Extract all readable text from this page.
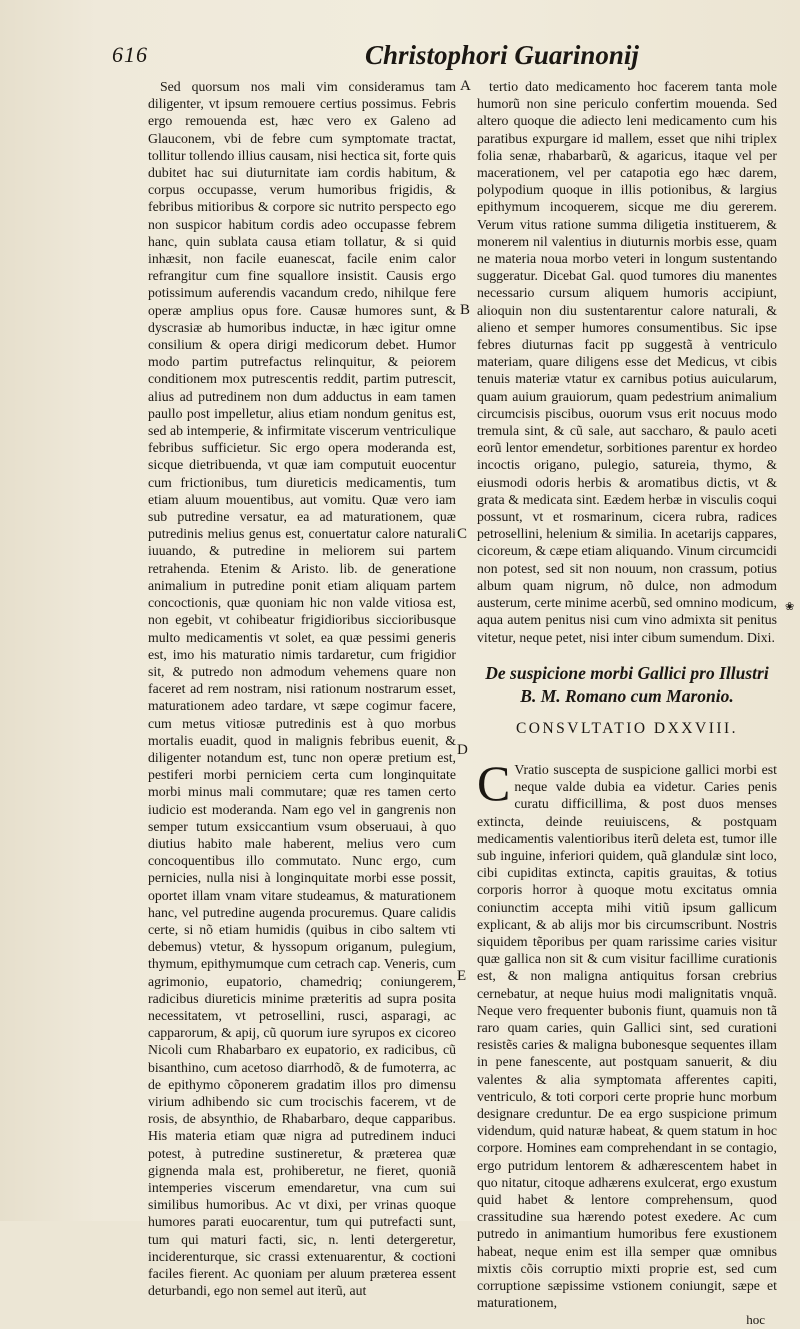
616	Christophori Guarinonij

Sed quorsum nos mali vim consideramus tam diligenter, vt ipsum remouere certius possimus. Febris ergo remouenda est, hæc vero ex Galeno ad Glauconem, vbi de febre cum symptomate tractat, tollitur tollendo illius causam, nisi hectica sit, forte quis dubitet hac sui diuturnitate iam cordis habitum, & corpus occupasse, verum humoribus frigidis, & febribus mitioribus & corpore sic nutrito perspecto ego non suspicor habitum cordis adeo occupasse febrem hanc, quin sublata causa etiam tollatur, & si quid inhæsit, non facile euanescat, facile enim calor refrangitur cum fine squallore insistit. Causis ergo potissimum auferendis vacandum credo, nihilque fere operæ amplius opus fore. Causæ humores sunt, & dyscrasiæ ab humoribus inductæ, in hæc igitur omne consilium & opera dirigi medicorum debet. Humor modo partim putrefactus relinquitur, & peiorem conditionem mox putrescentis reddit, partim putrescit, alius ad putredinem non dum adductus in eam tamen paullo post impelletur, alius etiam nondum genitus est, sed ab intemperie, & infirmitate viscerum ventriculique febribus sufficietur. Sic ergo opera moderanda est, sicque dietribuenda, vt quæ iam computuit euocentur cum frictionibus, tum diureticis medicamentis, tum etiam aluum mouentibus, aut vomitu. Quæ vero iam sub putredine versatur, ea ad maturationem, quæ putredinis melius genus est, conuertatur calore naturali iuuando, & putredine in meliorem sui partem retrahenda. Etenim & Aristo. lib. de generatione animalium in putredine ponit etiam aliquam partem concoctionis, quæ quoniam hic non valde vitiosa est, non egebit, vt cohibeatur frigidioribus siccioribusque multo medicamentis vt solet, ea quæ pessimi generis est, imo his maturatio nimis tardaretur, cum frigidior sit, & putredo non admodum vehemens quare non faceret ad rem nostram, nisi rationum nostrarum esset, maturationem adeo tardare, vt sæpe cogimur facere, cum metus vitiosæ putredinis est à quo morbus mortalis euadit, quod in malignis febribus euenit, & diligenter notandum est, tunc non operæ pretium est, pestiferi morbi perniciem certa cum longinquitate morbi minus mali commutare; quæ res tamen certo iudicio est moderanda. Nam ego vel in gangrenis non semper tutum exsiccantium vsum obseruaui, à quo diutius habito male haberent, melius vero cum concoquentibus illo commutato. Nunc ergo, cum pernicies, nulla nisi à longinquitate morbi esse possit, oportet illam vnam vitare studeamus, & maturationem hanc, vel putredine augenda procuremus. Quare calidis certe, si nõ etiam humidis (quibus in cibo saltem vti debemus) vtetur, & hyssopum origanum, pulegium, thymum, epithymumque cum cetrach cap. Veneris, cum agrimonio, eupatorio, chamedriq; coniungerem, radicibus diureticis minime præteritis ad supra posita necessitatem, vt petrosellini, rusci, asparagi, ac capparorum, & apij, cũ quorum iure syrupos ex cicoreo Nicoli cum Rhabarbaro ex eupatorio, ex radicibus, cũ bisanthino, cum acetoso diarrhodõ, & de fumoterra, ac de epithymo cõponerem gradatim illos pro dimensu virium adhibendo sic cum trocischis facerem, vt de rosis, de absynthio, de Rhabarbaro, deque capparibus. His materia etiam quæ nigra ad putredinem induci potest, à putredine sustineretur, & præterea quæ gignenda mala est, prohiberetur, ne fieret, quoniã intemperies viscerum emendaretur, vna cum sui similibus humoribus. Ac vt dixi, per vrinas quoque humores parati euocarentur, tum qui putrefacti sunt, tum qui maturi facti, sic, n. lenti detergeretur, inciderenturque, sic crassi extenuarentur, & coctioni faciles fierent. Ac quoniam per aluum præterea essent deturbandi, ego non semel aut iterũ, aut

A
B
C
D
E

tertio dato medicamento hoc facerem tanta mole humorũ non sine periculo confertim mouenda. Sed altero quoque die adiecto leni medicamento cum his paratibus expurgare id mallem, esset que nihi triplex folia senæ, rhabarbarũ, & agaricus, itaque vel per macerationem, vel per catapotia ego hæc darem, polypodium quoque in illis potionibus, & largius epithymum incoquerem, sicque me diu gererem. Verum vitus ratione summa diligetia instituerem, & monerem nil valentius in diuturnis morbis esse, quam ne materia noua morbo veteri in longum sustentando suggeratur. Dicebat Gal. quod tumores diu manentes necessario cursum aliquem humoris accipiunt, alioquin non diu sustentarentur calore naturali, & alieno et semper humores consumentibus. Sic ipse febres diuturnas facit pp suggestã à ventriculo materiam, quare diligens esse det Medicus, vt cibis tenuis materiæ vtatur ex carnibus potius auicularum, quam auium grauiorum, quam pedestrium animalium circumcisis piscibus, ouorum vsus erit nocuus modo tremula sint, & cũ sale, aut saccharo, & paulo aceti eorũ lentor emendetur, sorbitiones parentur ex hordeo incoctis origano, pulegio, satureia, thymo, & eiusmodi odoris herbis & aromatibus dictis, vt & grata & medicata sint. Eædem herbæ in visculis coqui possunt, vt et rosmarinum, cicera rubra, radices petrosellini, helenium & similia. In acetarijs cappares, cicoreum, & cæpe etiam aliquando. Vinum circumcidi non potest, sed sit non nouum, non crassum, potius album quam nigrum, nõ dulce, non admodum austerum, certe minime acerbũ, sed omnino modicum, aqua autem penitus nisi cum vino admixta sit penitus vitetur, neque petet, nisi inter cibum sumendum. Dixi.

De suspicione morbi Gallici pro Illustri B. M. Romano cum Maronio.
CONSVLTATIO DXXVIII.

C Vratio suscepta de suspicione gallici morbi est neque valde dubia ea videtur. Caries penis curatu difficillima, & post duos menses extincta, deinde reuiuiscens, & postquam medicamentis valentioribus iterũ deleta est, tumor ille sub inguine, inferiori quidem, quã glandulæ sint loco, cibi cupiditas extincta, capitis grauitas, & totius corporis horror à quoque motu excitatus omnia coniunctim accepta mihi vitiũ ipsum gallicum explicant, & ab alijs mor bis circumscribunt. Nostris siquidem tẽporibus per quam rarissime caries visitur quæ gallica non sit & cum visitur facillime curationis est, & non maligna antiquitus forsan crebrius cernebatur, at neque huius modi malignitatis vnquã. Neque vero frequenter bubonis fiunt, quamuis non tã raro quam caries, quin Gallici sint, sed curationi resistẽs caries & maligna bubonesque sequentes illam in pene fanescente, aut postquam sanuerit, & diu valentes & alia symptomata afferentes capiti, ventriculo, & toti corpori certe proprie hunc morbum designare creduntur. De ea ergo suspicione primum videndum, quid naturæ habeat, & quem statum in hoc corpore. Homines eam comprehendant in se contagio, ergo putridum lentorem & adhærescentem habet in quo nitatur, citoque adhærens exulcerat, ergo exustum quid habet & lentore comprehensum, quod crassitudine sua hærendo potest exedere. Ac cum putredo in animantium humoribus fere exustionem habeat, neque enim est illa semper quæ omnibus mixtis cõis corruptio mixti proprie est, sed cum corruptione sæpissime vstionem coniungit, sæpe et maturationem,

hoc
❀
